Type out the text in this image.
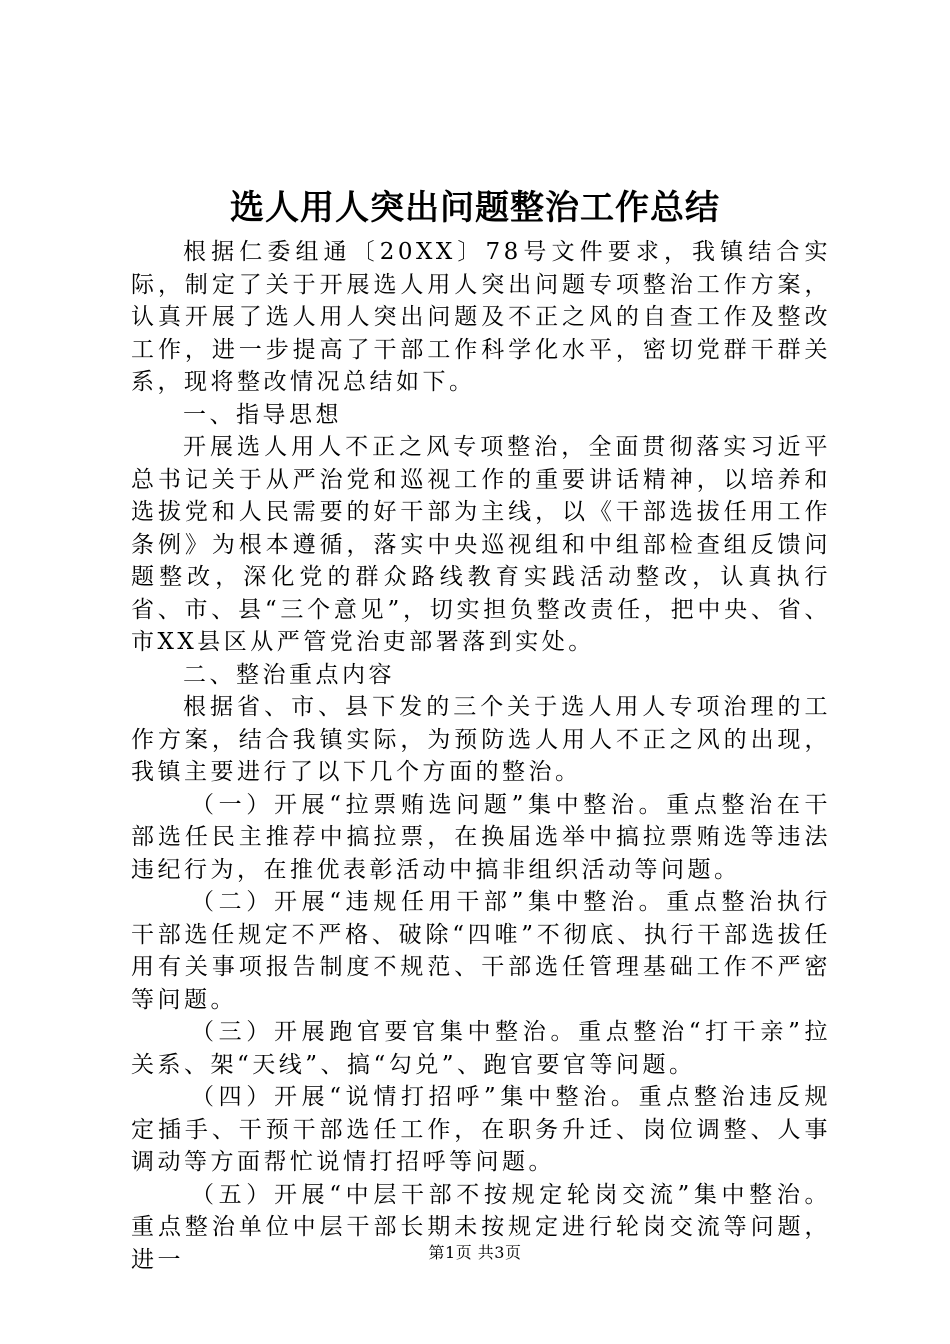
选人用人突出问题整治工作总结

根据仁委组通〔20XX〕78号文件要求，我镇结合实际，制定了关于开展选人用人突出问题专项整治工作方案，认真开展了选人用人突出问题及不正之风的自查工作及整改工作，进一步提高了干部工作科学化水平，密切党群干群关系，现将整改情况总结如下。

一、指导思想

开展选人用人不正之风专项整治，全面贯彻落实习近平总书记关于从严治党和巡视工作的重要讲话精神，以培养和选拔党和人民需要的好干部为主线，以《干部选拔任用工作条例》为根本遵循，落实中央巡视组和中组部检查组反馈问题整改，深化党的群众路线教育实践活动整改，认真执行省、市、县“三个意见”，切实担负整改责任，把中央、省、市XX县区从严管党治吏部署落到实处。

二、整治重点内容

根据省、市、县下发的三个关于选人用人专项治理的工作方案，结合我镇实际，为预防选人用人不正之风的出现，我镇主要进行了以下几个方面的整治。

（一）开展“拉票贿选问题”集中整治。重点整治在干部选任民主推荐中搞拉票，在换届选举中搞拉票贿选等违法违纪行为，在推优表彰活动中搞非组织活动等问题。

（二）开展“违规任用干部”集中整治。重点整治执行干部选任规定不严格、破除“四唯”不彻底、执行干部选拔任用有关事项报告制度不规范、干部选任管理基础工作不严密等问题。

（三）开展跑官要官集中整治。重点整治“打干亲”拉关系、架“天线”、搞“勾兑”、跑官要官等问题。

（四）开展“说情打招呼”集中整治。重点整治违反规定插手、干预干部选任工作，在职务升迁、岗位调整、人事调动等方面帮忙说情打招呼等问题。

（五）开展“中层干部不按规定轮岗交流”集中整治。重点整治单位中层干部长期未按规定进行轮岗交流等问题，进一	第1页 共3页
